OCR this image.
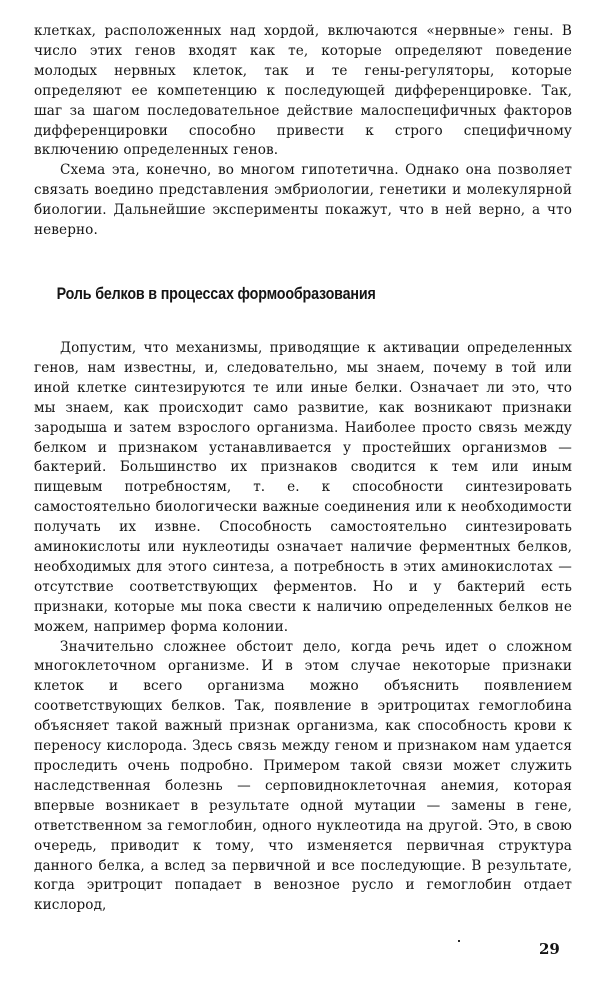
клетках, расположенных над хордой, включаются «нервные» гены. В число этих генов входят как те, которые определяют поведение молодых нервных клеток, так и те гены-регуляторы, которые определяют ее компетенцию к последующей дифференцировке. Так, шаг за шагом последовательное действие малоспецифичных факторов дифференцировки способно привести к строго специфичному включению определенных генов.

Схема эта, конечно, во многом гипотетична. Однако она позволяет связать воедино представления эмбриологии, генетики и молекулярной биологии. Дальнейшие эксперименты покажут, что в ней верно, а что неверно.

Роль белков в процессах формообразования

Допустим, что механизмы, приводящие к активации определенных генов, нам известны, и, следовательно, мы знаем, почему в той или иной клетке синтезируются те или иные белки. Означает ли это, что мы знаем, как происходит само развитие, как возникают признаки зародыша и затем взрослого организма. Наиболее просто связь между белком и признаком устанавливается у простейших организмов — бактерий. Большинство их признаков сводится к тем или иным пищевым потребностям, т. е. к способности синтезировать самостоятельно биологически важные соединения или к необходимости получать их извне. Способность самостоятельно синтезировать аминокислоты или нуклеотиды означает наличие ферментных белков, необходимых для этого синтеза, а потребность в этих аминокислотах — отсутствие соответствующих ферментов. Но и у бактерий есть признаки, которые мы пока свести к наличию определенных белков не можем, например форма колонии.

Значительно сложнее обстоит дело, когда речь идет о сложном многоклеточном организме. И в этом случае некоторые признаки клеток и всего организма можно объяснить появлением соответствующих белков. Так, появление в эритроцитах гемоглобина объясняет такой важный признак организма, как способность крови к переносу кислорода. Здесь связь между геном и признаком нам удается проследить очень подробно. Примером такой связи может служить наследственная болезнь — серповидноклеточная анемия, которая впервые возникает в результате одной мутации — замены в гене, ответственном за гемоглобин, одного нуклеотида на другой. Это, в свою очередь, приводит к тому, что изменяется первичная структура данного белка, а вслед за первичной и все последующие. В результате, когда эритроцит попадает в венозное русло и гемоглобин отдает кислород,

29
